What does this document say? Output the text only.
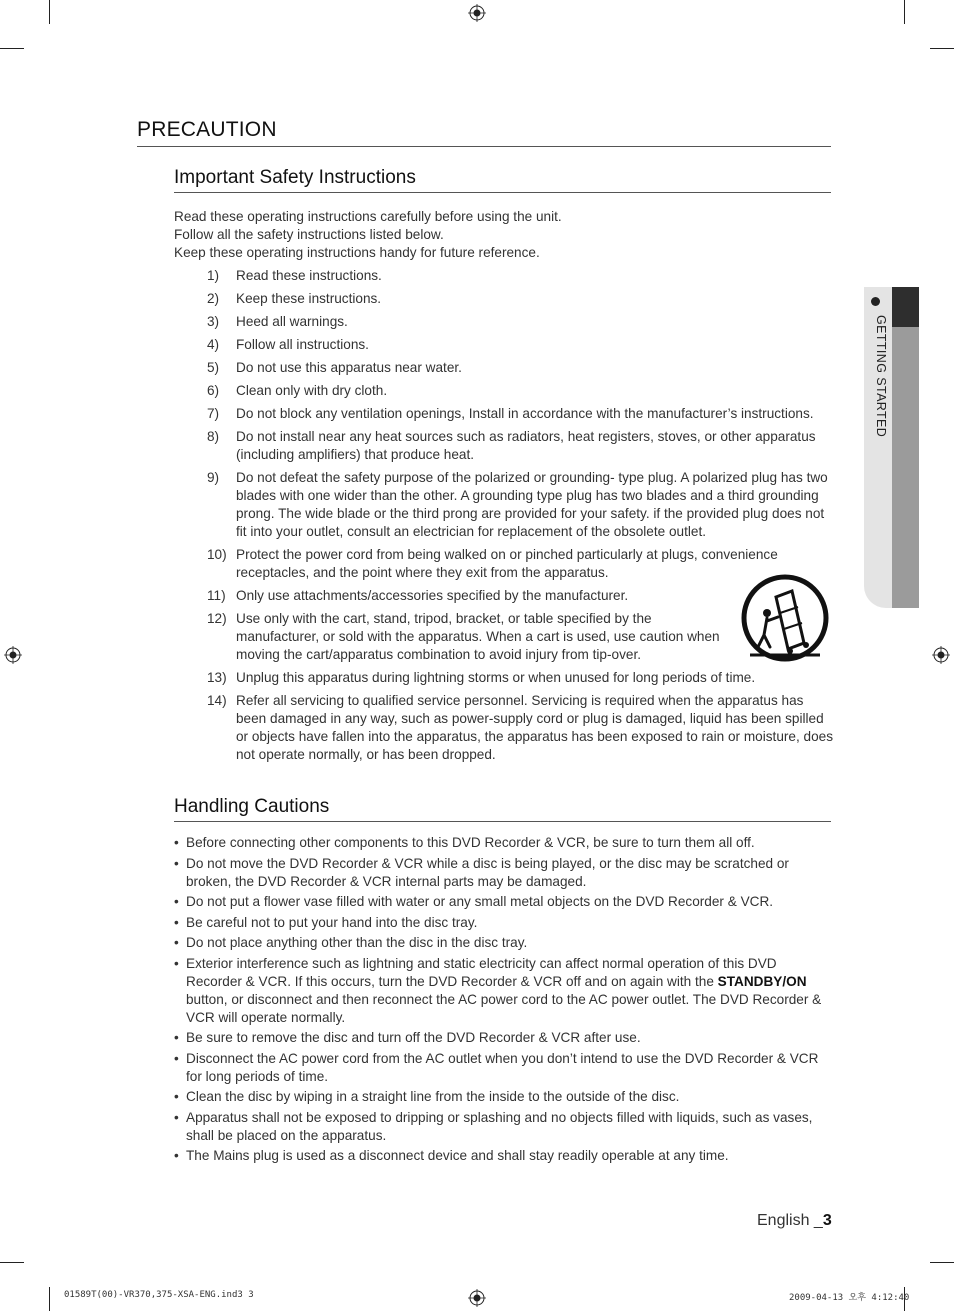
PRECAUTION
Important Safety Instructions
Read these operating instructions carefully before using the unit.
Follow all the safety instructions listed below.
Keep these operating instructions handy for future reference.
1)	Read these instructions.
2)	Keep these instructions.
3)	Heed all warnings.
4)	Follow all instructions.
5)	Do not use this apparatus near water.
6)	Clean only with dry cloth.
7)	Do not block any ventilation openings, Install in accordance with the manufacturer’s instructions.
8)	Do not install near any heat sources such as radiators, heat registers, stoves, or other apparatus (including amplifiers) that produce heat.
9)	Do not defeat the safety purpose of the polarized or grounding- type plug. A polarized plug has two blades with one wider than the other. A grounding type plug has two blades and a third grounding prong. The wide blade or the third prong are provided for your safety. if the provided plug does not fit into your outlet, consult an electrician for replacement of the obsolete outlet.
10) Protect the power cord from being walked on or pinched particularly at plugs, convenience receptacles, and the point where they exit from the apparatus.
11) Only use attachments/accessories specified by the manufacturer.
12) Use only with the cart, stand, tripod, bracket, or table specified by the manufacturer, or sold with the apparatus. When a cart is used, use caution when moving the cart/apparatus combination to avoid injury from tip-over.
13) Unplug this apparatus during lightning storms or when unused for long periods of time.
14) Refer all servicing to qualified service personnel. Servicing is required when the apparatus has been damaged in any way, such as power-supply cord or plug is damaged, liquid has been spilled or objects have fallen into the apparatus, the apparatus has been exposed to rain or moisture, does not operate normally, or has been dropped.
Handling Cautions
• Before connecting other components to this DVD Recorder & VCR, be sure to turn them all off.
• Do not move the DVD Recorder & VCR while a disc is being played, or the disc may be scratched or broken, the DVD Recorder & VCR internal parts may be damaged.
• Do not put a flower vase filled with water or any small metal objects on the DVD Recorder & VCR.
• Be careful not to put your hand into the disc tray.
• Do not place anything other than the disc in the disc tray.
• Exterior interference such as lightning and static electricity can affect normal operation of this DVD Recorder & VCR. If this occurs, turn the DVD Recorder & VCR off and on again with the STANDBY/ON button, or disconnect and then reconnect the AC power cord to the AC power outlet. The DVD Recorder & VCR will operate normally.
• Be sure to remove the disc and turn off the DVD Recorder & VCR after use.
• Disconnect the AC power cord from the AC outlet when you don’t intend to use the DVD Recorder & VCR for long periods of time.
• Clean the disc by wiping in a straight line from the inside to the outside of the disc.
• Apparatus shall not be exposed to dripping or splashing and no objects filled with liquids, such as vases, shall be placed on the apparatus.
• The Mains plug is used as a disconnect device and shall stay readily operable at any time.
GETTING STARTED
English _3
01589T(00)-VR370,375-XSA-ENG.ind3 3	2009-04-13 오후 4:12:40
